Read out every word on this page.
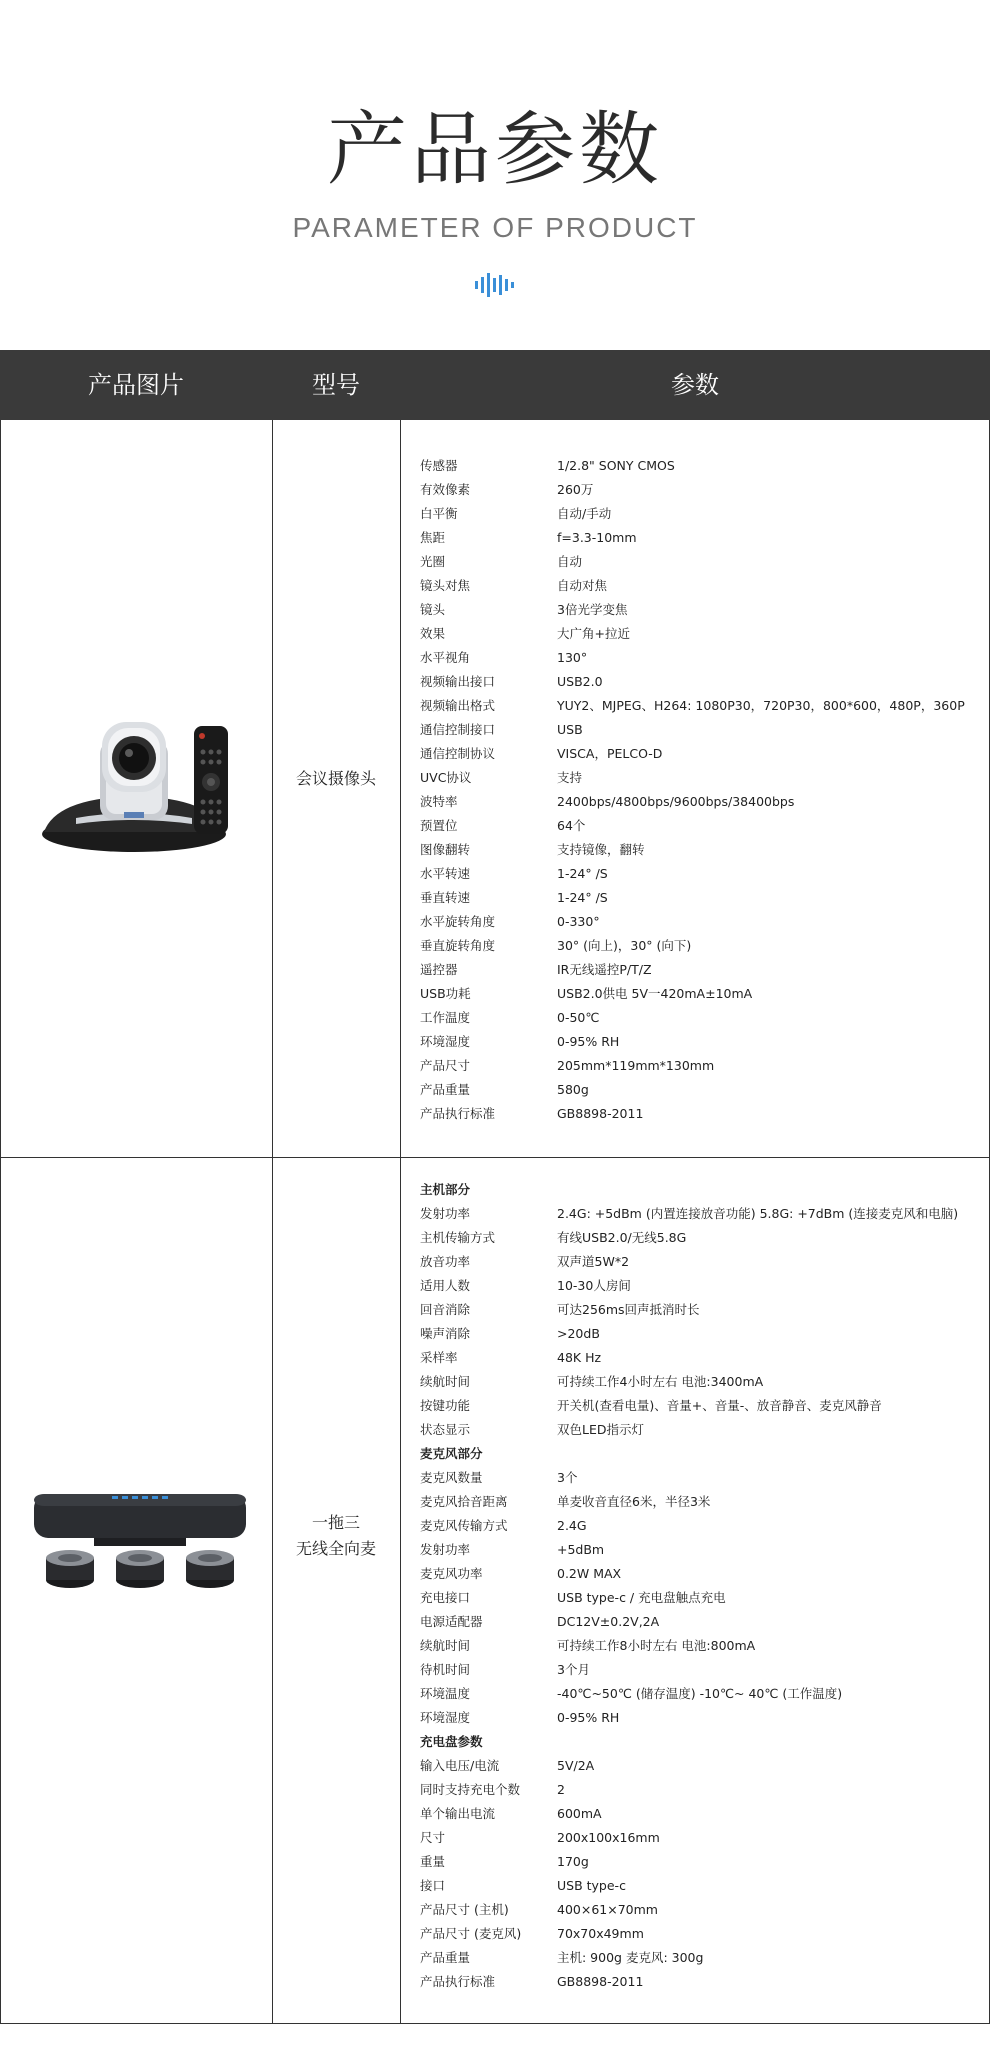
产品参数
PARAMETER OF PRODUCT
产品图片	型号	参数
会议摄像头
传感器	1/2.8" SONY CMOS
有效像素	260万
白平衡	自动/手动
焦距	f=3.3-10mm
光圈	自动
镜头对焦	自动对焦
镜头	3倍光学变焦
效果	大广角+拉近
水平视角	130°
视频输出接口	USB2.0
视频输出格式	YUY2、MJPEG、H264: 1080P30，720P30，800*600，480P，360P
通信控制接口	USB
通信控制协议	VISCA，PELCO-D
UVC协议	支持
波特率	2400bps/4800bps/9600bps/38400bps
预置位	64个
图像翻转	支持镜像，翻转
水平转速	1-24° /S
垂直转速	1-24° /S
水平旋转角度	0-330°
垂直旋转角度	30° (向上)，30° (向下)
遥控器	IR无线遥控P/T/Z
USB功耗	USB2.0供电 5V一420mA±10mA
工作温度	0-50℃
环境湿度	0-95% RH
产品尺寸	205mm*119mm*130mm
产品重量	580g
产品执行标准	GB8898-2011
一拖三
无线全向麦
主机部分
发射功率	2.4G: +5dBm (内置连接放音功能) 5.8G: +7dBm (连接麦克风和电脑)
主机传输方式	有线USB2.0/无线5.8G
放音功率	双声道5W*2
适用人数	10-30人房间
回音消除	可达256ms回声抵消时长
噪声消除	>20dB
采样率	48K Hz
续航时间	可持续工作4小时左右 电池:3400mA
按键功能	开关机(查看电量)、音量+、音量-、放音静音、麦克风静音
状态显示	双色LED指示灯
麦克风部分
麦克风数量	3个
麦克风拾音距离	单麦收音直径6米，半径3米
麦克风传输方式	2.4G
发射功率	+5dBm
麦克风功率	0.2W MAX
充电接口	USB type-c / 充电盘触点充电
电源适配器	DC12V±0.2V,2A
续航时间	可持续工作8小时左右 电池:800mA
待机时间	3个月
环境温度	-40℃~50℃ (储存温度) -10℃~ 40℃ (工作温度)
环境湿度	0-95% RH
充电盘参数
输入电压/电流	5V/2A
同时支持充电个数	2
单个输出电流	600mA
尺寸	200x100x16mm
重量	170g
接口	USB type-c
产品尺寸 (主机)	400×61×70mm
产品尺寸 (麦克风)	70x70x49mm
产品重量	主机: 900g 麦克风: 300g
产品执行标准	GB8898-2011
